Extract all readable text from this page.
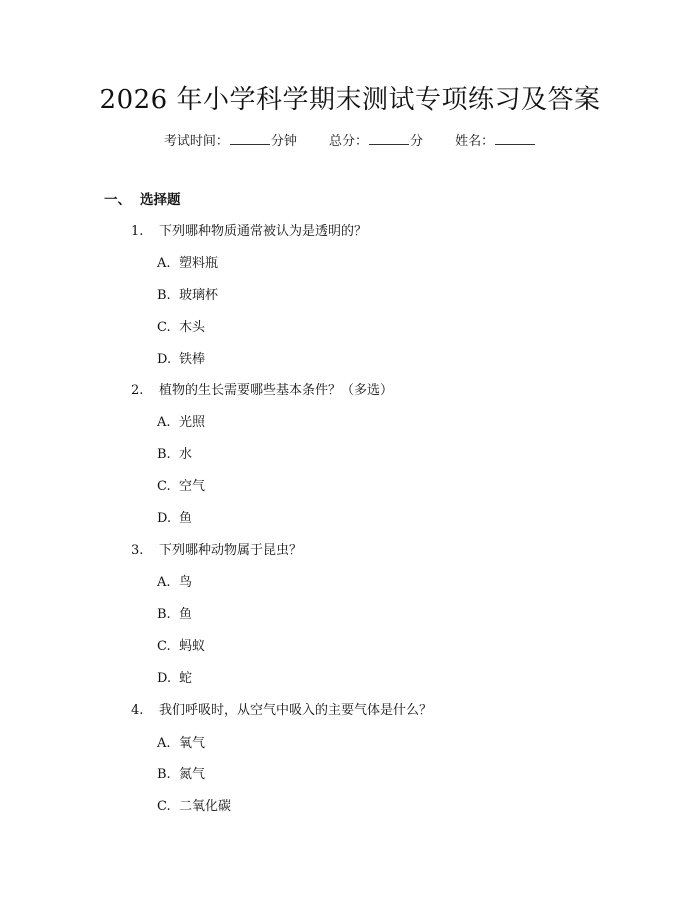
2026 年小学科学期末测试专项练习及答案
考试时间：	分钟 总分：	分 姓名：
一、 选择题
1. 下列哪种物质通常被认为是透明的？
A. 塑料瓶
B. 玻璃杯
C. 木头
D. 铁棒
2. 植物的生长需要哪些基本条件？（多选）
A. 光照
B. 水
C. 空气
D. 鱼
3. 下列哪种动物属于昆虫？
A. 鸟
B. 鱼
C. 蚂蚁
D. 蛇
4. 我们呼吸时，从空气中吸入的主要气体是什么？
A. 氧气
B. 氮气
C. 二氧化碳
